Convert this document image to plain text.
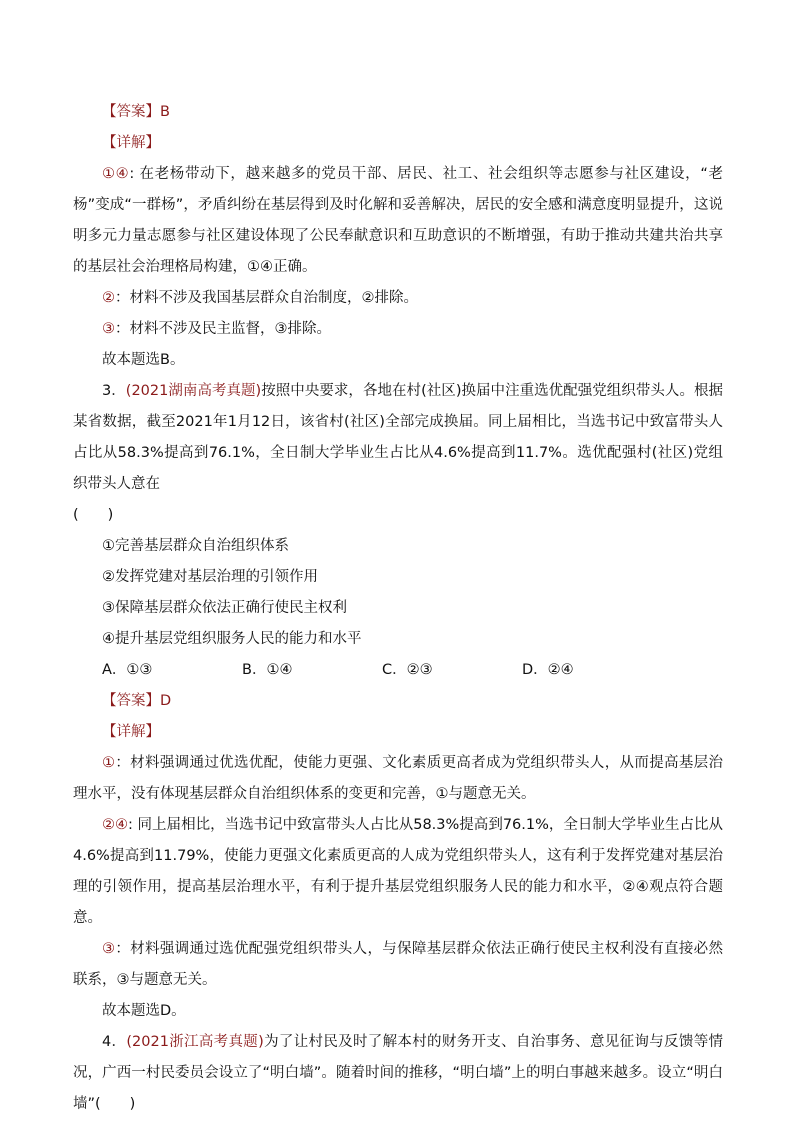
【答案】B

【详解】

①④: 在老杨带动下，越来越多的党员干部、居民、社工、社会组织等志愿参与社区建设，“老杨”变成“一群杨”，矛盾纠纷在基层得到及时化解和妥善解决，居民的安全感和满意度明显提升，这说明多元力量志愿参与社区建设体现了公民奉献意识和互助意识的不断增强，有助于推动共建共治共享的基层社会治理格局构建，①④正确。

②：材料不涉及我国基层群众自治制度，②排除。

③：材料不涉及民主监督，③排除。

故本题选B。

3．(2021湖南高考真题)按照中央要求，各地在村(社区)换届中注重选优配强党组织带头人。根据某省数据，截至2021年1月12日，该省村(社区)全部完成换届。同上届相比，当选书记中致富带头人占比从58.3%提高到76.1%，全日制大学毕业生占比从4.6%提高到11.7%。选优配强村(社区)党组织带头人意在

(　　)

①完善基层群众自治组织体系

②发挥党建对基层治理的引领作用

③保障基层群众依法正确行使民主权利

④提升基层党组织服务人民的能力和水平

A．①③	B．①④	C．②③	D．②④

【答案】D

【详解】

①：材料强调通过优选优配，使能力更强、文化素质更高者成为党组织带头人，从而提高基层治理水平，没有体现基层群众自治组织体系的变更和完善，①与题意无关。

②④: 同上届相比，当选书记中致富带头人占比从58.3%提高到76.1%，全日制大学毕业生占比从4.6%提高到11.79%，使能力更强文化素质更高的人成为党组织带头人，这有利于发挥党建对基层治理的引领作用，提高基层治理水平，有利于提升基层党组织服务人民的能力和水平，②④观点符合题意。

③：材料强调通过选优配强党组织带头人，与保障基层群众依法正确行使民主权利没有直接必然联系，③与题意无关。

故本题选D。

4．(2021浙江高考真题)为了让村民及时了解本村的财务开支、自治事务、意见征询与反馈等情况，广西一村民委员会设立了“明白墙”。随着时间的推移，“明白墙”上的明白事越来越多。设立“明白墙”(　　)
